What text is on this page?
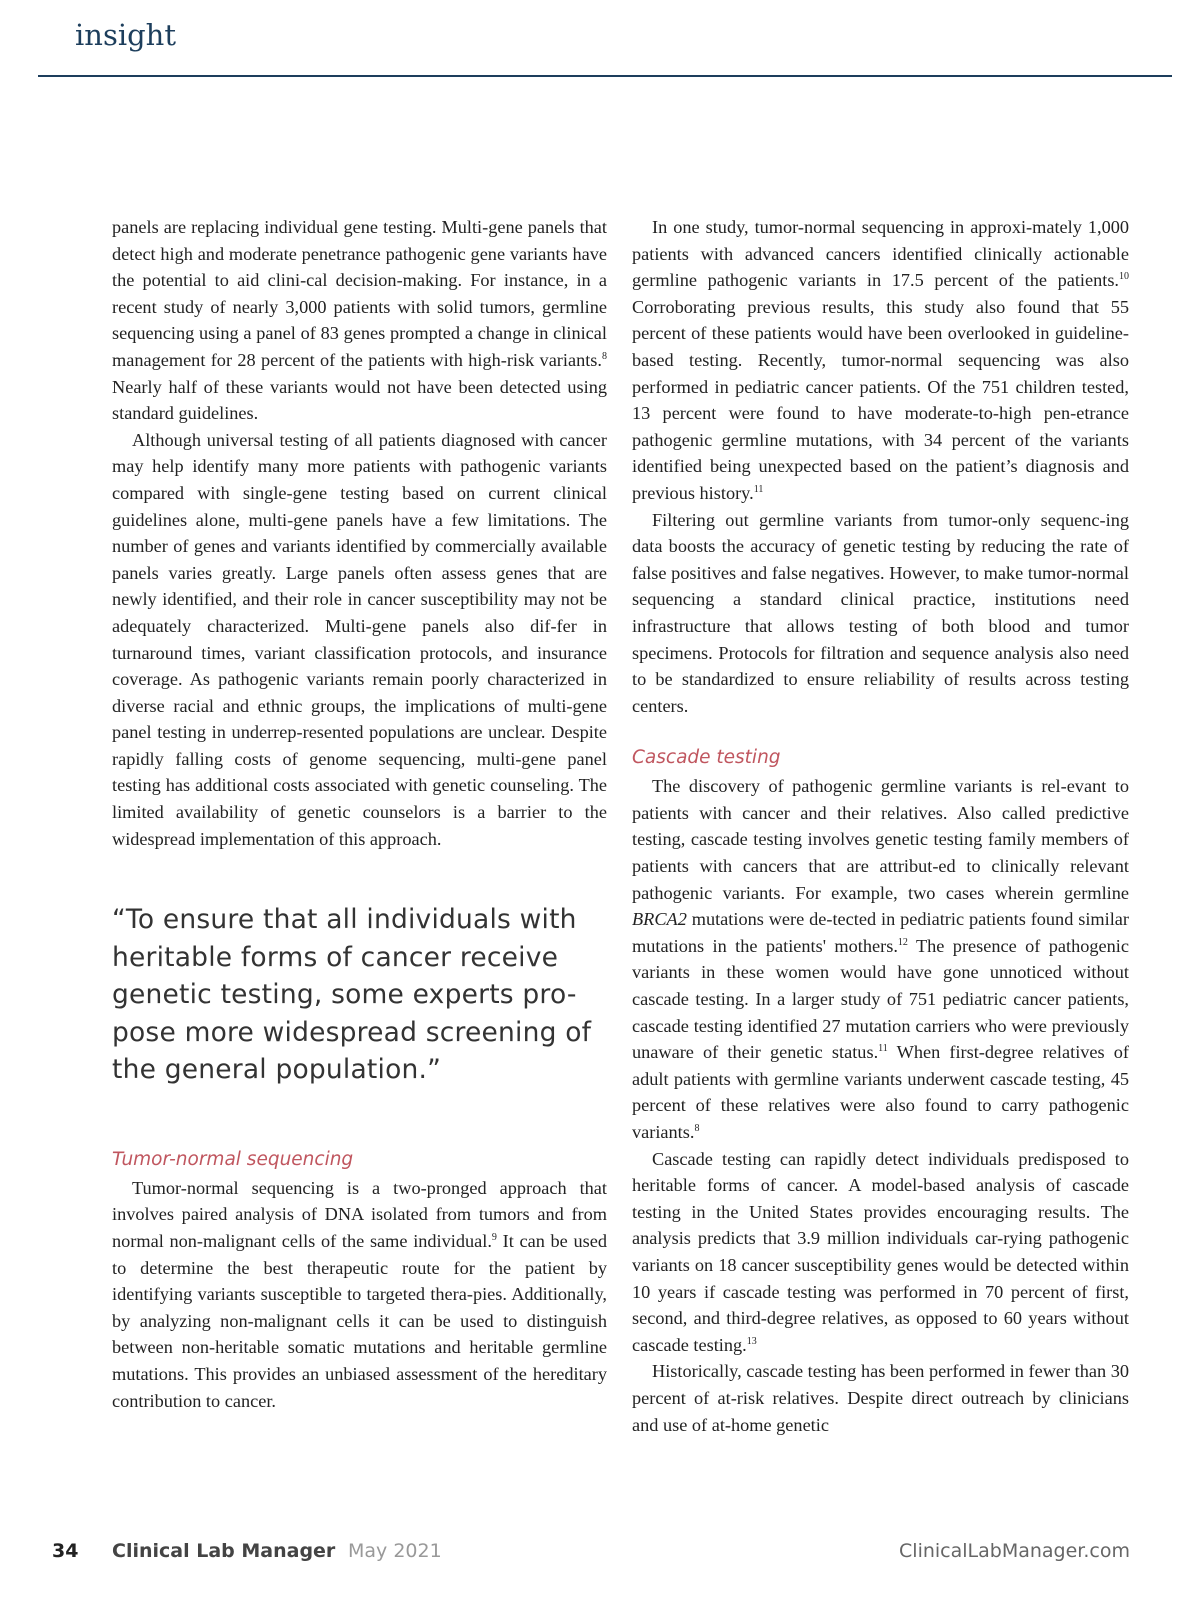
insight

panels are replacing individual gene testing. Multi-gene panels that detect high and moderate penetrance pathogenic gene variants have the potential to aid clini-cal decision-making. For instance, in a recent study of nearly 3,000 patients with solid tumors, germline sequencing using a panel of 83 genes prompted a change in clinical management for 28 percent of the patients with high-risk variants.$^8$ Nearly half of these variants would not have been detected using standard guidelines.

Although universal testing of all patients diagnosed with cancer may help identify many more patients with pathogenic variants compared with single-gene testing based on current clinical guidelines alone, multi-gene panels have a few limitations. The number of genes and variants identified by commercially available panels varies greatly. Large panels often assess genes that are newly identified, and their role in cancer susceptibility may not be adequately characterized. Multi-gene panels also dif-fer in turnaround times, variant classification protocols, and insurance coverage. As pathogenic variants remain poorly characterized in diverse racial and ethnic groups, the implications of multi-gene panel testing in underrep-resented populations are unclear. Despite rapidly falling costs of genome sequencing, multi-gene panel testing has additional costs associated with genetic counseling. The limited availability of genetic counselors is a barrier to the widespread implementation of this approach.

“To ensure that all individuals with heritable forms of cancer receive genetic testing, some experts pro-pose more widespread screening of the general population.”
Tumor-normal sequencing

Tumor-normal sequencing is a two-pronged approach that involves paired analysis of DNA isolated from tumors and from normal non-malignant cells of the same individual.$^9$ It can be used to determine the best therapeutic route for the patient by identifying variants susceptible to targeted thera-pies. Additionally, by analyzing non-malignant cells it can be used to distinguish between non-heritable somatic mutations and heritable germline mutations. This provides an unbiased assessment of the hereditary contribution to cancer.

In one study, tumor-normal sequencing in approxi-mately 1,000 patients with advanced cancers identified clinically actionable germline pathogenic variants in 17.5 percent of the patients.$^{10}$ Corroborating previous results, this study also found that 55 percent of these patients would have been overlooked in guideline-based testing. Recently, tumor-normal sequencing was also performed in pediatric cancer patients. Of the 751 children tested, 13 percent were found to have moderate-to-high pen-etrance pathogenic germline mutations, with 34 percent of the variants identified being unexpected based on the patient’s diagnosis and previous history.$^{11}$

Filtering out germline variants from tumor-only sequenc-ing data boosts the accuracy of genetic testing by reducing the rate of false positives and false negatives. However, to make tumor-normal sequencing a standard clinical practice, institutions need infrastructure that allows testing of both blood and tumor specimens. Protocols for filtration and sequence analysis also need to be standardized to ensure reliability of results across testing centers.

Cascade testing

The discovery of pathogenic germline variants is rel-evant to patients with cancer and their relatives. Also called predictive testing, cascade testing involves genetic testing family members of patients with cancers that are attribut-ed to clinically relevant pathogenic variants. For example, two cases wherein germline BRCA2 mutations were de-tected in pediatric patients found similar mutations in the patients' mothers.$^{12}$ The presence of pathogenic variants in these women would have gone unnoticed without cascade testing. In a larger study of 751 pediatric cancer patients, cascade testing identified 27 mutation carriers who were previously unaware of their genetic status.$^{11}$ When first-degree relatives of adult patients with germline variants underwent cascade testing, 45 percent of these relatives were also found to carry pathogenic variants.$^8$

Cascade testing can rapidly detect individuals predisposed to heritable forms of cancer. A model-based analysis of cascade testing in the United States provides encouraging results. The analysis predicts that 3.9 million individuals car-rying pathogenic variants on 18 cancer susceptibility genes would be detected within 10 years if cascade testing was performed in 70 percent of first, second, and third-degree relatives, as opposed to 60 years without cascade testing.$^{13}$

Historically, cascade testing has been performed in fewer than 30 percent of at-risk relatives. Despite direct outreach by clinicians and use of at-home genetic

34 Clinical Lab Manager May 2021	ClinicalLabManager.com
